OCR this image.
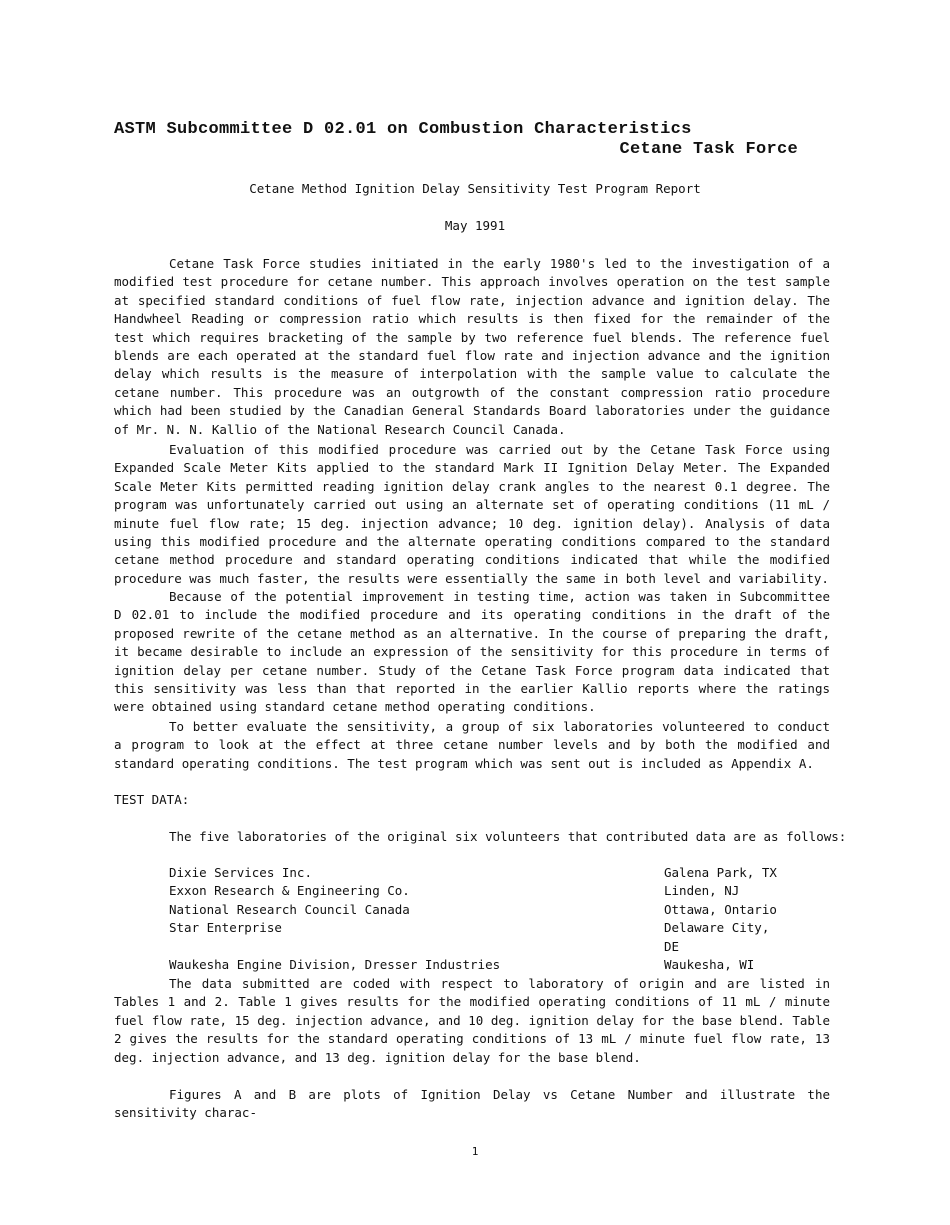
ASTM Subcommittee D 02.01 on Combustion Characteristics
Cetane Task Force
Cetane Method Ignition Delay Sensitivity Test Program Report
May 1991

Cetane Task Force studies initiated in the early 1980's led to the investigation of a modified test procedure for cetane number. This approach involves operation on the test sample at specified standard conditions of fuel flow rate, injection advance and ignition delay. The Handwheel Reading or compression ratio which results is then fixed for the remainder of the test which requires bracketing of the sample by two reference fuel blends. The reference fuel blends are each operated at the standard fuel flow rate and injection advance and the ignition delay which results is the measure of interpolation with the sample value to calculate the cetane number. This procedure was an outgrowth of the constant compression ratio procedure which had been studied by the Canadian General Standards Board laboratories under the guidance of Mr. N. N. Kallio of the National Research Council Canada.

Evaluation of this modified procedure was carried out by the Cetane Task Force using Expanded Scale Meter Kits applied to the standard Mark II Ignition Delay Meter. The Expanded Scale Meter Kits permitted reading ignition delay crank angles to the nearest 0.1 degree. The program was unfortunately carried out using an alternate set of operating conditions (11 mL / minute fuel flow rate; 15 deg. injection advance; 10 deg. ignition delay). Analysis of data using this modified procedure and the alternate operating conditions compared to the standard cetane method procedure and standard operating conditions indicated that while the modified procedure was much faster, the results were essentially the same in both level and variability.

Because of the potential improvement in testing time, action was taken in Subcommittee D 02.01 to include the modified procedure and its operating conditions in the draft of the proposed rewrite of the cetane method as an alternative. In the course of preparing the draft, it became desirable to include an expression of the sensitivity for this procedure in terms of ignition delay per cetane number. Study of the Cetane Task Force program data indicated that this sensitivity was less than that reported in the earlier Kallio reports where the ratings were obtained using standard cetane method operating conditions.

To better evaluate the sensitivity, a group of six laboratories volunteered to conduct a program to look at the effect at three cetane number levels and by both the modified and standard operating conditions. The test program which was sent out is included as Appendix A.

TEST DATA:
The five laboratories of the original six volunteers that contributed data are as follows:
Dixie Services Inc.	Galena Park, TX
Exxon Research & Engineering Co.	Linden, NJ
National Research Council Canada	Ottawa, Ontario
Star Enterprise	Delaware City, DE
Waukesha Engine Division, Dresser Industries	Waukesha, WI

The data submitted are coded with respect to laboratory of origin and are listed in Tables 1 and 2. Table 1 gives results for the modified operating conditions of 11 mL / minute fuel flow rate, 15 deg. injection advance, and 10 deg. ignition delay for the base blend. Table 2 gives the results for the standard operating conditions of 13 mL / minute fuel flow rate, 13 deg. injection advance, and 13 deg. ignition delay for the base blend.

Figures A and B are plots of Ignition Delay vs Cetane Number and illustrate the sensitivity charac-

1
